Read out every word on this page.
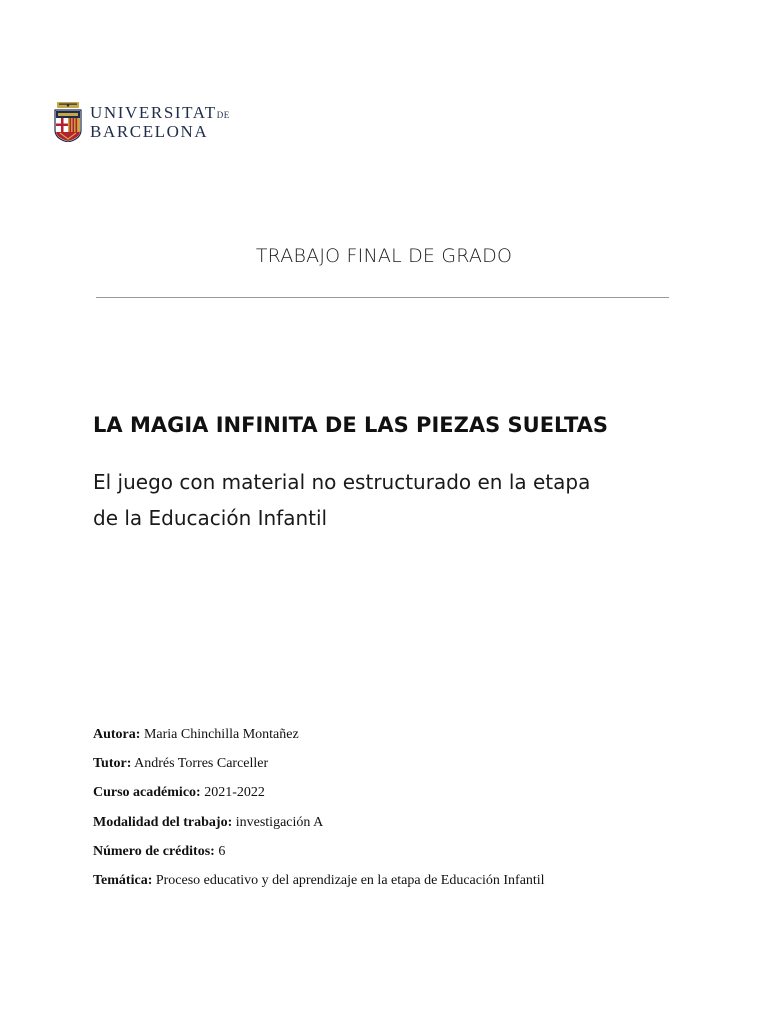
UNIVERSITATDE
BARCELONA
TRABAJO FINAL DE GRADO
LA MAGIA INFINITA DE LAS PIEZAS SUELTAS
El juego con material no estructurado en la etapa
de la Educación Infantil
Autora: Maria Chinchilla Montañez
Tutor: Andrés Torres Carceller
Curso académico: 2021-2022
Modalidad del trabajo: investigación A
Número de créditos: 6
Temática: Proceso educativo y del aprendizaje en la etapa de Educación Infantil
